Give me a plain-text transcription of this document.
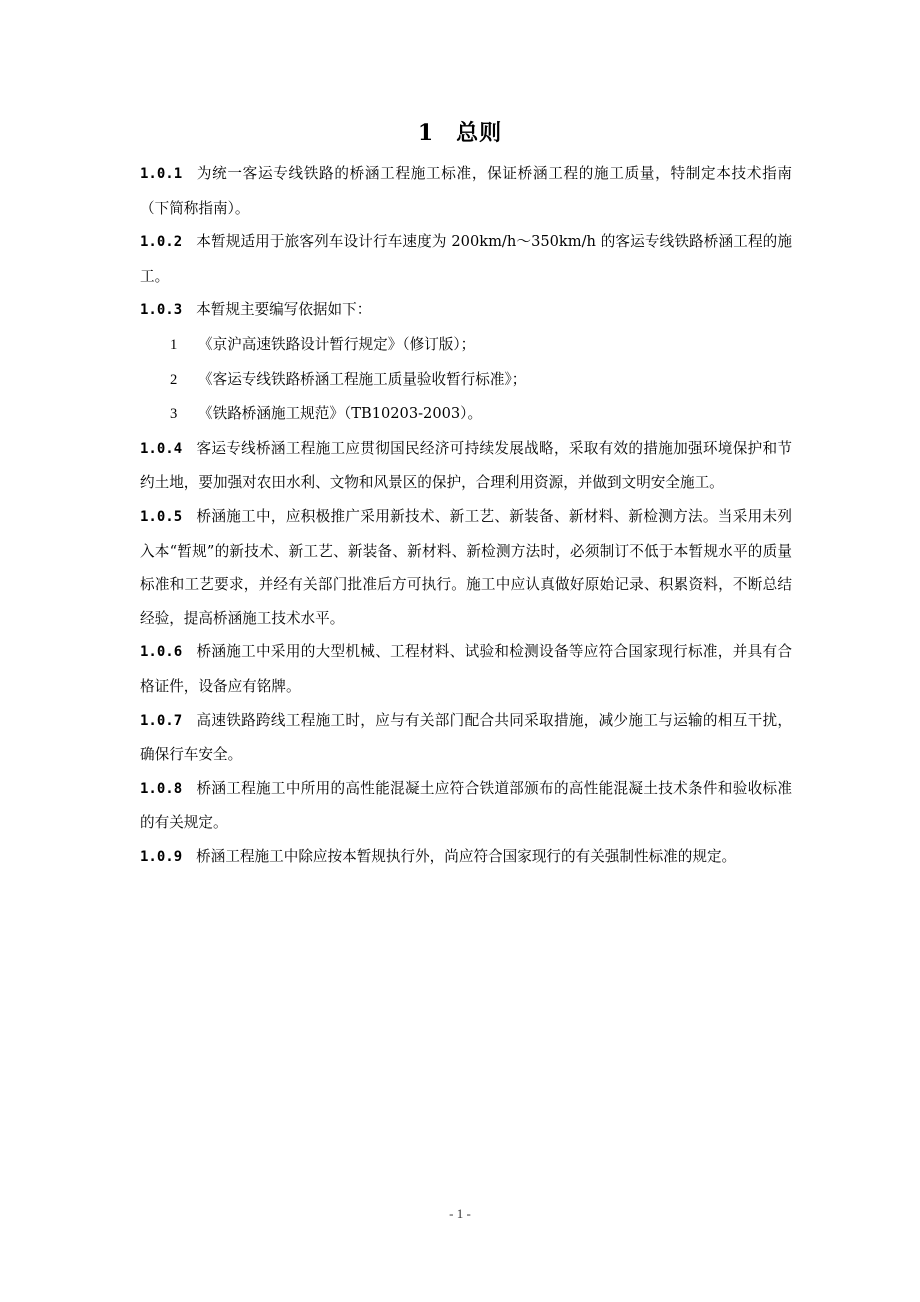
1 总则

1.0.1 为统一客运专线铁路的桥涵工程施工标准，保证桥涵工程的施工质量，特制定本技术指南（下简称指南）。

1.0.2 本暂规适用于旅客列车设计行车速度为 200km/h～350km/h 的客运专线铁路桥涵工程的施工。

1.0.3 本暂规主要编写依据如下：

1 《京沪高速铁路设计暂行规定》（修订版）；

2 《客运专线铁路桥涵工程施工质量验收暂行标准》；

3 《铁路桥涵施工规范》（TB10203-2003）。

1.0.4 客运专线桥涵工程施工应贯彻国民经济可持续发展战略，采取有效的措施加强环境保护和节约土地，要加强对农田水利、文物和风景区的保护，合理利用资源，并做到文明安全施工。

1.0.5 桥涵施工中，应积极推广采用新技术、新工艺、新装备、新材料、新检测方法。当采用未列入本“暂规”的新技术、新工艺、新装备、新材料、新检测方法时，必须制订不低于本暂规水平的质量标准和工艺要求，并经有关部门批准后方可执行。施工中应认真做好原始记录、积累资料，不断总结经验，提高桥涵施工技术水平。

1.0.6 桥涵施工中采用的大型机械、工程材料、试验和检测设备等应符合国家现行标准，并具有合格证件，设备应有铭牌。

1.0.7 高速铁路跨线工程施工时，应与有关部门配合共同采取措施，减少施工与运输的相互干扰，确保行车安全。

1.0.8 桥涵工程施工中所用的高性能混凝土应符合铁道部颁布的高性能混凝土技术条件和验收标准的有关规定。

1.0.9 桥涵工程施工中除应按本暂规执行外，尚应符合国家现行的有关强制性标准的规定。

- 1 -
